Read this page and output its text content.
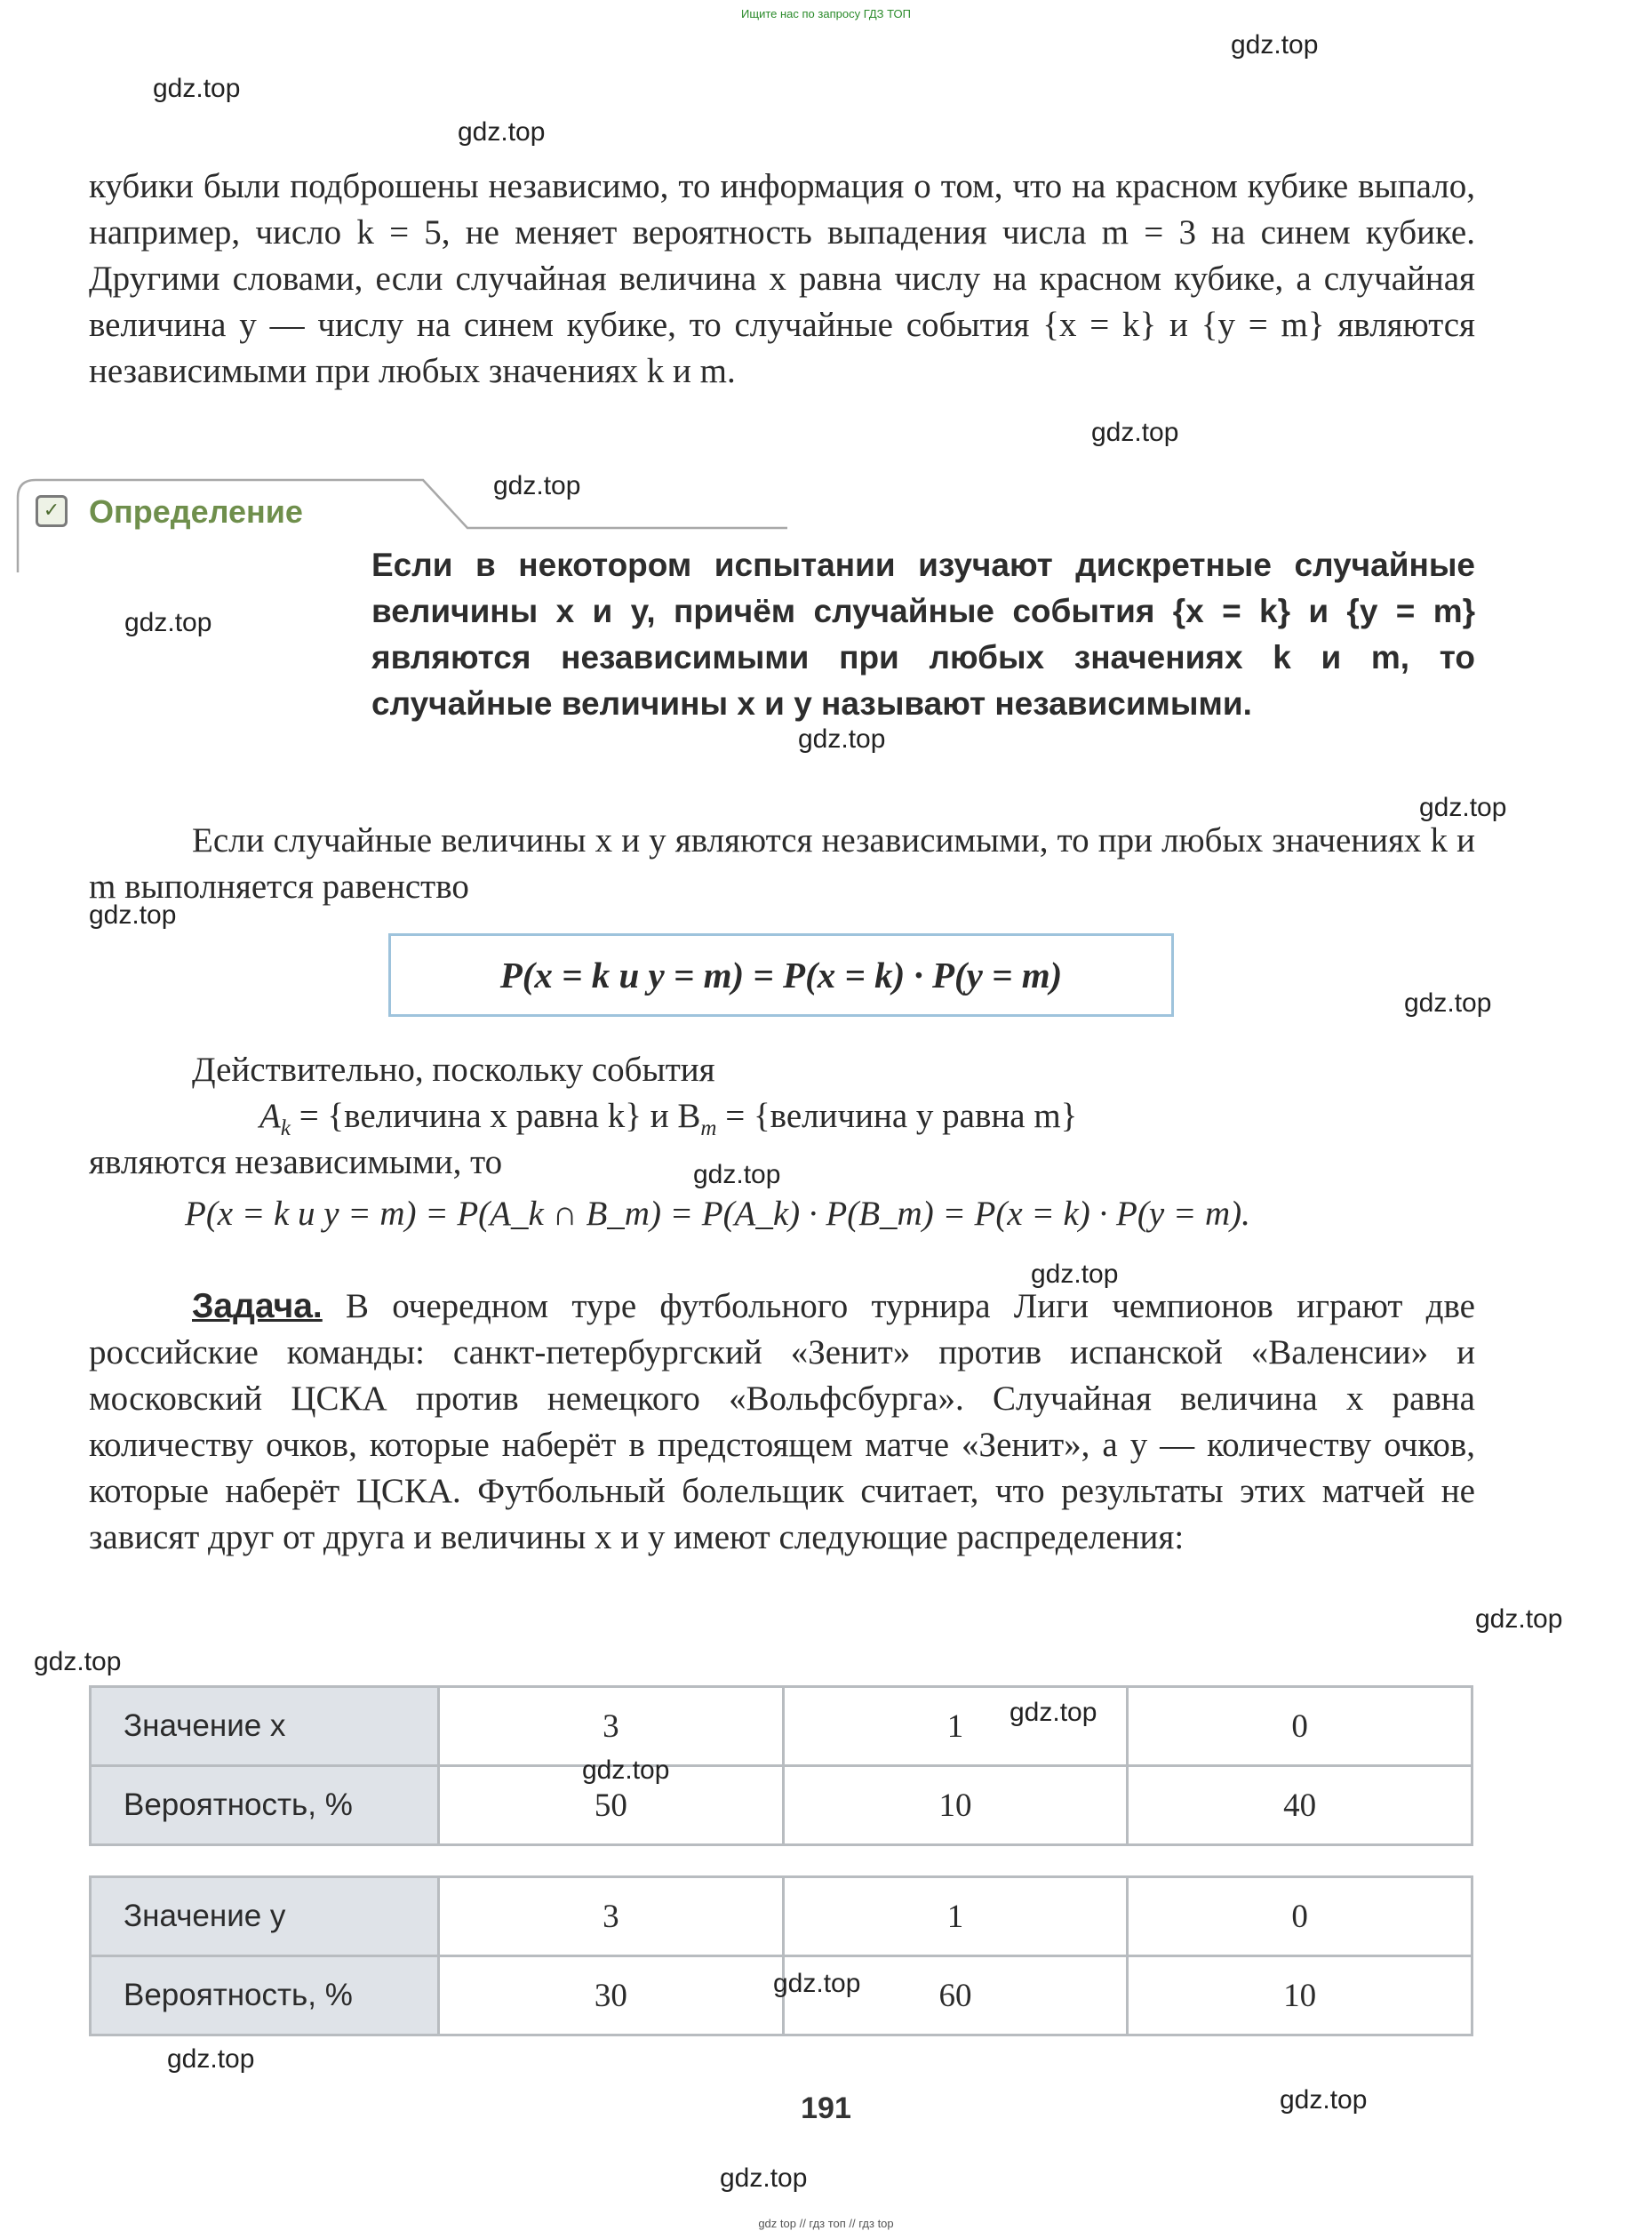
Ищите нас по запросу ГДЗ ТОП
gdz.top
gdz.top
gdz.top
gdz.top
gdz.top
gdz.top
gdz.top
gdz.top
gdz.top
gdz.top
gdz.top
gdz.top
gdz.top
gdz.top

кубики были подброшены независимо, то информация о том, что на красном кубике выпало, например, число k = 5, не меняет вероятность выпадения числа m = 3 на синем кубике. Другими словами, если случайная величина x равна числу на красном кубике, а случайная величина y — числу на синем кубике, то случайные события {x = k} и {y = m} являются независимыми при любых значениях k и m.

✓ Определение
Если в некотором испытании изучают дискретные случайные величины x и y, причём случайные события {x = k} и {y = m} являются независимыми при любых значениях k и m, то случайные величины x и y называют независимыми.

Если случайные величины x и y являются независимыми, то при любых значениях k и m выполняется равенство

P(x = k и y = m) = P(x = k) · P(y = m)
Действительно, поскольку события
$A_k$ = {величина x равна k} и $B_m$ = {величина y равна m}
являются независимыми, то
P(x = k и y = m) = P(A_k ∩ B_m) = P(A_k) · P(B_m) = P(x = k) · P(y = m).

Задача. В очередном туре футбольного турнира Лиги чемпионов играют две российские команды: санкт-петербургский «Зенит» против испанской «Валенсии» и московский ЦСКА против немецкого «Вольфсбурга». Случайная величина x равна количеству очков, которые наберёт в предстоящем матче «Зенит», а y — количеству очков, которые наберёт ЦСКА. Футбольный болельщик считает, что результаты этих матчей не зависят друг от друга и величины x и y имеют следующие распределения:

Значение x	3	1	0
Вероятность, %	50	10	40
Значение y	3	1	0
Вероятность, %	30	60	10
gdz.top
gdz.top
gdz.top
gdz.top
gdz.top
gdz.top
191
gdz top // гдз топ // гдз top
